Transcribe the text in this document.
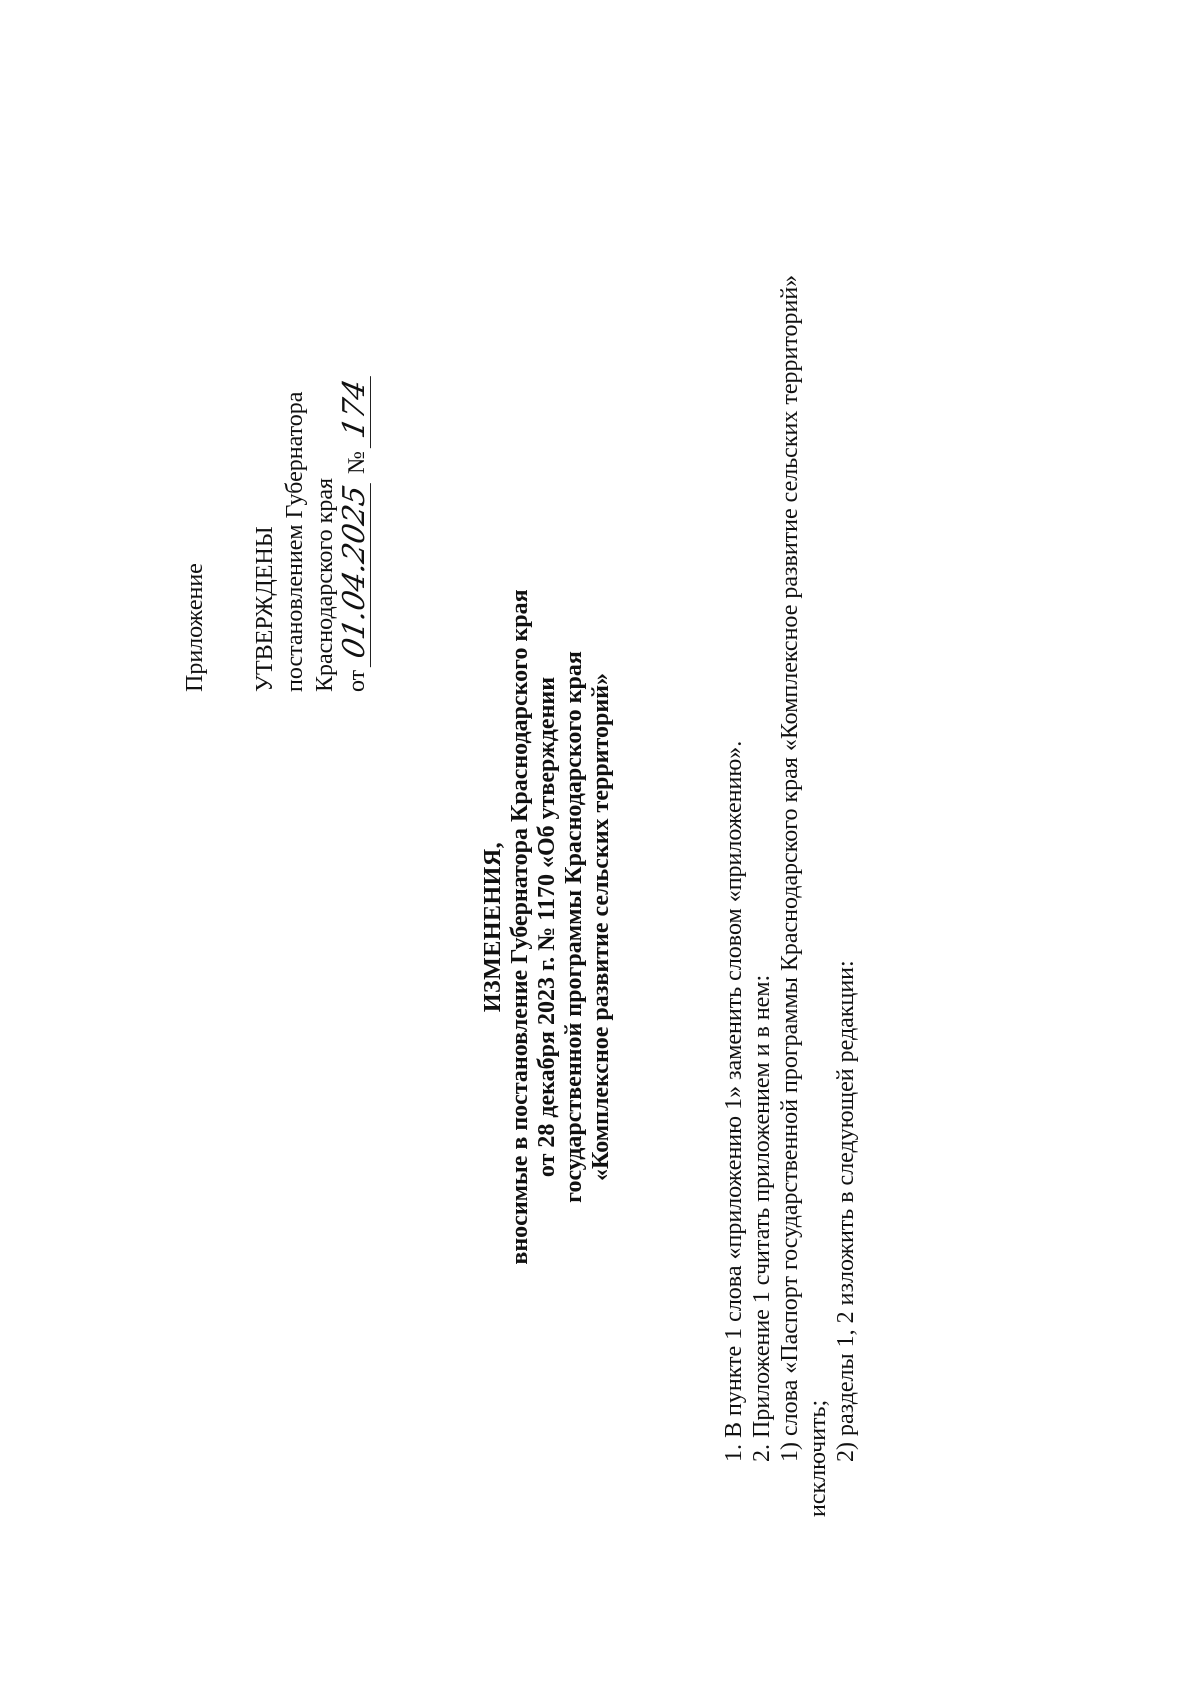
Приложение УТВЕРЖДЕНЫ постановлением Губернатора Краснодарского края от 01.04.2025 № 174
ИЗМЕНЕНИЯ, вносимые в постановление Губернатора Краснодарского края от 28 декабря 2023 г. № 1170 «Об утверждении государственной программы Краснодарского края «Комплексное развитие сельских территорий»	1. В пункте 1 слова «приложению 1» заменить словом «приложению». 2. Приложение 1 считать приложением и в нем: 1) слова «Паспорт государственной программы Краснодарского края «Комплексное развитие сельских территорий» исключить; 2) разделы 1, 2 изложить в следующей редакции:
